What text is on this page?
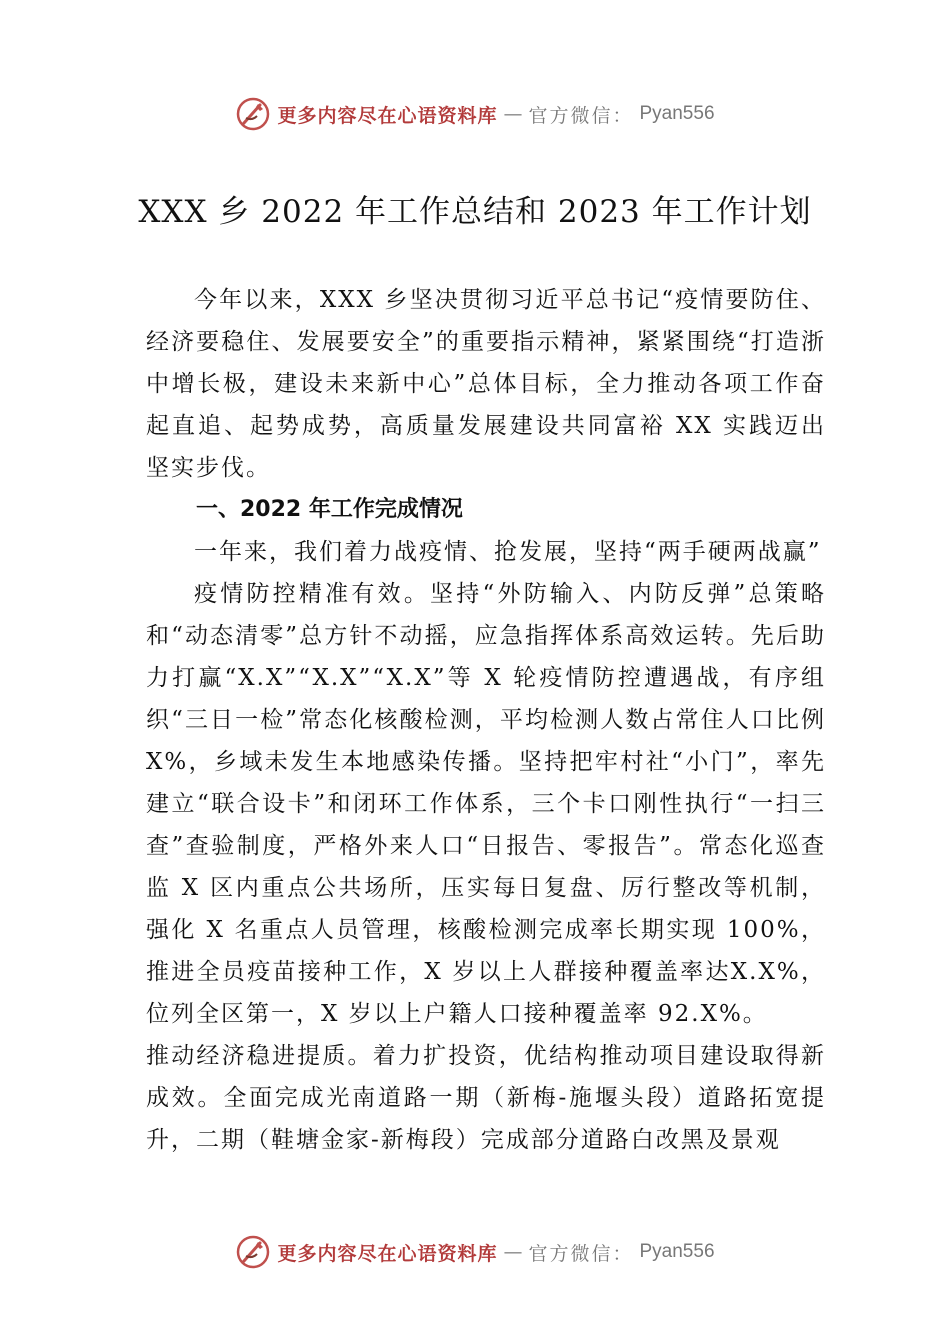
更多内容尽在心语资料库 — 官方微信： Pyan556
XXX 乡 2022 年工作总结和 2023 年工作计划

今年以来，XXX 乡坚决贯彻习近平总书记“疫情要防住、经济要稳住、发展要安全”的重要指示精神，紧紧围绕“打造浙中增长极，建设未来新中心”总体目标，全力推动各项工作奋起直追、起势成势，高质量发展建设共同富裕 XX 实践迈出坚实步伐。

一、2022 年工作完成情况

一年来，我们着力战疫情、抢发展，坚持“两手硬两战赢”

疫情防控精准有效。坚持“外防输入、内防反弹”总策略和“动态清零”总方针不动摇，应急指挥体系高效运转。先后助力打赢“X.X”“X.X”“X.X”等 X 轮疫情防控遭遇战，有序组织“三日一检”常态化核酸检测，平均检测人数占常住人口比例 X%，乡域未发生本地感染传播。坚持把牢村社“小门”，率先建立“联合设卡”和闭环工作体系，三个卡口刚性执行“一扫三查”查验制度，严格外来人口“日报告、零报告”。常态化巡查监 X 区内重点公共场所，压实每日复盘、厉行整改等机制，强化 X 名重点人员管理，核酸检测完成率长期实现 100%，推进全员疫苗接种工作，X 岁以上人群接种覆盖率达X.X%，位列全区第一，X 岁以上户籍人口接种覆盖率 92.X%。

推动经济稳进提质。着力扩投资，优结构推动项目建设取得新成效。全面完成光南道路一期（新梅-施堰头段）道路拓宽提升，二期（鞋塘金家-新梅段）完成部分道路白改黑及景观

更多内容尽在心语资料库 — 官方微信： Pyan556
